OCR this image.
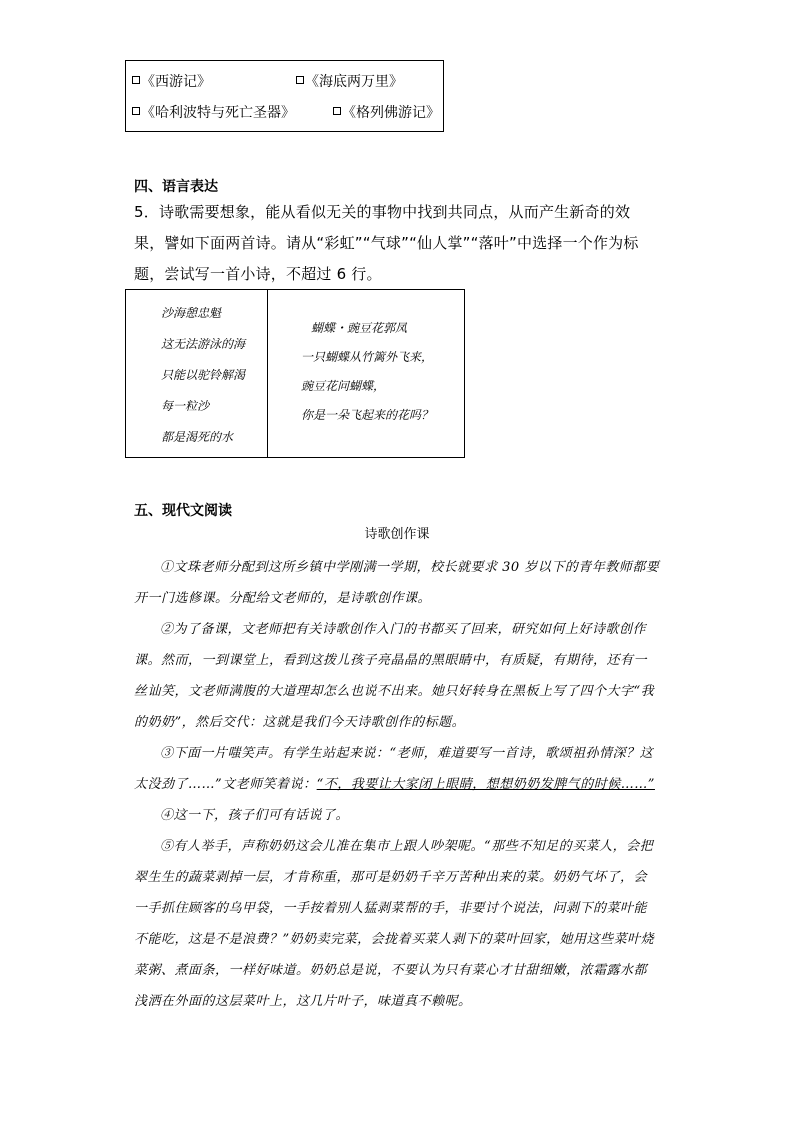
《西游记》	《海底两万里》
《哈利波特与死亡圣器》	《格列佛游记》
四、语言表达
5．诗歌需要想象，能从看似无关的事物中找到共同点，从而产生新奇的效果，譬如下面两首诗。请从“彩虹”“气球”“仙人掌”“落叶”中选择一个作为标题，尝试写一首小诗，不超过 6 行。
沙海憩忠魁
这无法游泳的海
只能以驼铃解渴
每一粒沙
都是渴死的水
蝴蝶・豌豆花郭凤
一只蝴蝶从竹篱外飞来，
豌豆花问蝴蝶，
你是一朵飞起来的花吗？
五、现代文阅读
诗歌创作课

①文珠老师分配到这所乡镇中学刚满一学期，校长就要求 30 岁以下的青年教师都要开一门选修课。分配给文老师的，是诗歌创作课。

②为了备课，文老师把有关诗歌创作入门的书都买了回来，研究如何上好诗歌创作课。然而，一到课堂上，看到这拨儿孩子亮晶晶的黑眼睛中，有质疑，有期待，还有一丝讪笑，文老师满腹的大道理却怎么也说不出来。她只好转身在黑板上写了四个大字“我的奶奶”，然后交代：这就是我们今天诗歌创作的标题。

③下面一片嗤笑声。有学生站起来说：“老师，难道要写一首诗，歌颂祖孙情深？这太没劲了……”文老师笑着说：“不，我要让大家闭上眼睛，想想奶奶发脾气的时候……”

④这一下，孩子们可有话说了。

⑤有人举手，声称奶奶这会儿准在集市上跟人吵架呢。“那些不知足的买菜人，会把翠生生的蔬菜剥掉一层，才肯称重，那可是奶奶千辛万苦种出来的菜。奶奶气坏了，会一手抓住顾客的乌甲袋，一手按着别人猛剥菜帮的手，非要讨个说法，问剥下的菜叶能不能吃，这是不是浪费？”奶奶卖完菜，会拢着买菜人剥下的菜叶回家，她用这些菜叶烧菜粥、煮面条，一样好味道。奶奶总是说，不要认为只有菜心才甘甜细嫩，浓霜露水都浅洒在外面的这层菜叶上，这几片叶子，味道真不赖呢。
